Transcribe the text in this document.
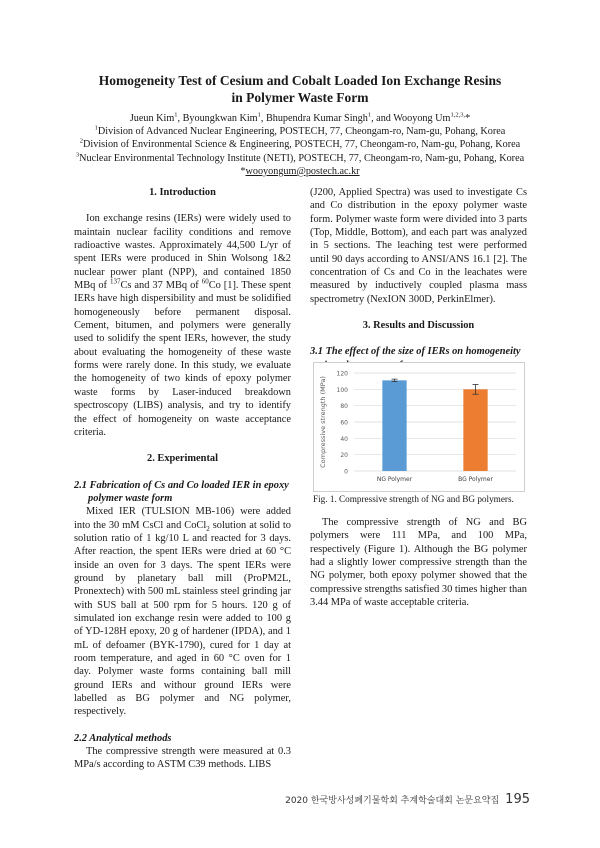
Homogeneity Test of Cesium and Cobalt Loaded Ion Exchange Resins
in Polymer Waste Form
Jueun Kim$^1$, Byoungkwan Kim$^1$, Bhupendra Kumar Singh$^1$, and Wooyong $Um^{1,2,3,}*$
$^1$Division of Advanced Nuclear Engineering, POSTECH, 77, Cheongam-ro, Nam-gu, Pohang, Korea
$^2$Division of Environmental Science & Engineering, POSTECH, 77, Cheongam-ro, Nam-gu, Pohang, Korea
$^3$Nuclear Environmental Technology Institute (NETI), POSTECH, 77, Cheongam-ro, Nam-gu, Pohang, Korea
*wooyongum@postech.ac.kr

1. Introduction

Ion exchange resins (IERs) were widely used to maintain nuclear facility conditions and remove radioactive wastes. Approximately 44,500 L/yr of spent IERs were produced in Shin Wolsong 1&2 nuclear power plant (NPP), and contained 1850 MBq of $^{137}$Cs and 37 MBq of $^{60}$Co [1]. These spent IERs have high dispersibility and must be solidified homogeneously before permanent disposal. Cement, bitumen, and polymers were generally used to solidify the spent IERs, however, the study about evaluating the homogeneity of these waste forms were rarely done. In this study, we evaluate the homogeneity of two kinds of epoxy polymer waste forms by Laser-induced breakdown spectroscopy (LIBS) analysis, and try to identify the effect of homogeneity on waste acceptance criteria.

2. Experimental

2.1 Fabrication of Cs and Co loaded IER in epoxy polymer waste form

Mixed IER (TULSION MB-106) were added into the 30 mM CsCl and CoCl$_2$ solution at solid to solution ratio of 1 kg/10 L and reacted for 3 days. After reaction, the spent IERs were dried at 60 °C inside an oven for 3 days. The spent IERs were ground by planetary ball mill (ProPM2L, Pronextech) with 500 mL stainless steel grinding jar with SUS ball at 500 rpm for 5 hours. 120 g of simulated ion exchange resin were added to 100 g of YD-128H epoxy, 20 g of hardener (IPDA), and 1 mL of defoamer (BYK-1790), cured for 1 day at room temperature, and aged in 60 °C oven for 1 day. Polymer waste forms containing ball mill ground IERs and withour ground IERs were labelled as BG polymer and NG polymer, respectively.

2.2 Analytical methods

The compressive strength were measured at 0.3 MPa/s according to ASTM C39 methods. LIBS

(J200, Applied Spectra) was used to investigate Cs and Co distribution in the epoxy polymer waste form. Polymer waste form were divided into 3 parts (Top, Middle, Bottom), and each part was analyzed in 5 sections. The leaching test were performed until 90 days according to ANSI/ANS 16.1 [2]. The concentration of Cs and Co in the leachates were measured by inductively coupled plasma mass spectrometry (NexION 300D, PerkinElmer).

3. Results and Discussion

3.1 The effect of the size of IERs on homogeneity

0
20
40
60
80
100
120
Compressive strength (MPa)
NG Polymer	BG Polymer
Fig. 1. Compressive strength of NG and BG polymers.

The compressive strength of NG and BG polymers were 111 MPa, and 100 MPa, respectively (Figure 1). Although the BG polymer had a slightly lower compressive strength than the NG polymer, both epoxy polymer showed that the compressive strengths satisfied 30 times higher than 3.44 MPa of waste acceptable criteria.

2020 한국방사성폐기물학회 추계학술대회 논문요약집 195
